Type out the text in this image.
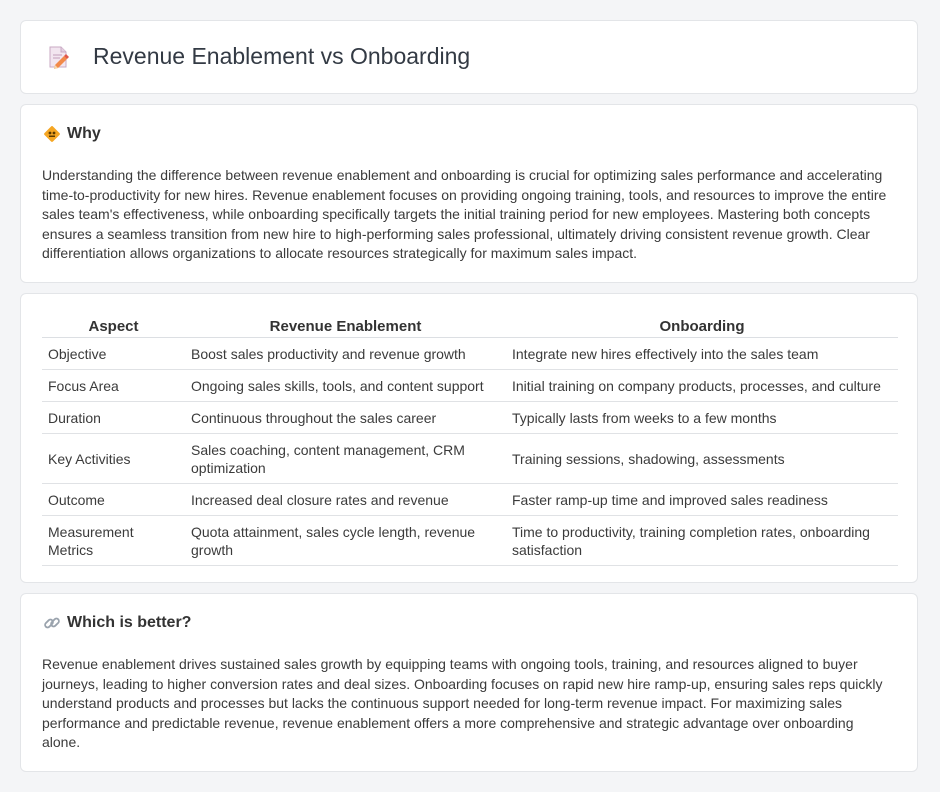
Revenue Enablement vs Onboarding
Why
Understanding the difference between revenue enablement and onboarding is crucial for optimizing sales performance and accelerating time-to-productivity for new hires. Revenue enablement focuses on providing ongoing training, tools, and resources to improve the entire sales team's effectiveness, while onboarding specifically targets the initial training period for new employees. Mastering both concepts ensures a seamless transition from new hire to high-performing sales professional, ultimately driving consistent revenue growth. Clear differentiation allows organizations to allocate resources strategically for maximum sales impact.
Aspect	Revenue Enablement	Onboarding
Objective	Boost sales productivity and revenue growth	Integrate new hires effectively into the sales team
Focus Area	Ongoing sales skills, tools, and content support	Initial training on company products, processes, and culture
Duration	Continuous throughout the sales career	Typically lasts from weeks to a few months
Key Activities	Sales coaching, content management, CRM optimization	Training sessions, shadowing, assessments
Outcome	Increased deal closure rates and revenue	Faster ramp-up time and improved sales readiness
Measurement Metrics	Quota attainment, sales cycle length, revenue growth	Time to productivity, training completion rates, onboarding satisfaction
Which is better?
Revenue enablement drives sustained sales growth by equipping teams with ongoing tools, training, and resources aligned to buyer journeys, leading to higher conversion rates and deal sizes. Onboarding focuses on rapid new hire ramp-up, ensuring sales reps quickly understand products and processes but lacks the continuous support needed for long-term revenue impact. For maximizing sales performance and predictable revenue, revenue enablement offers a more comprehensive and strategic advantage over onboarding alone.
